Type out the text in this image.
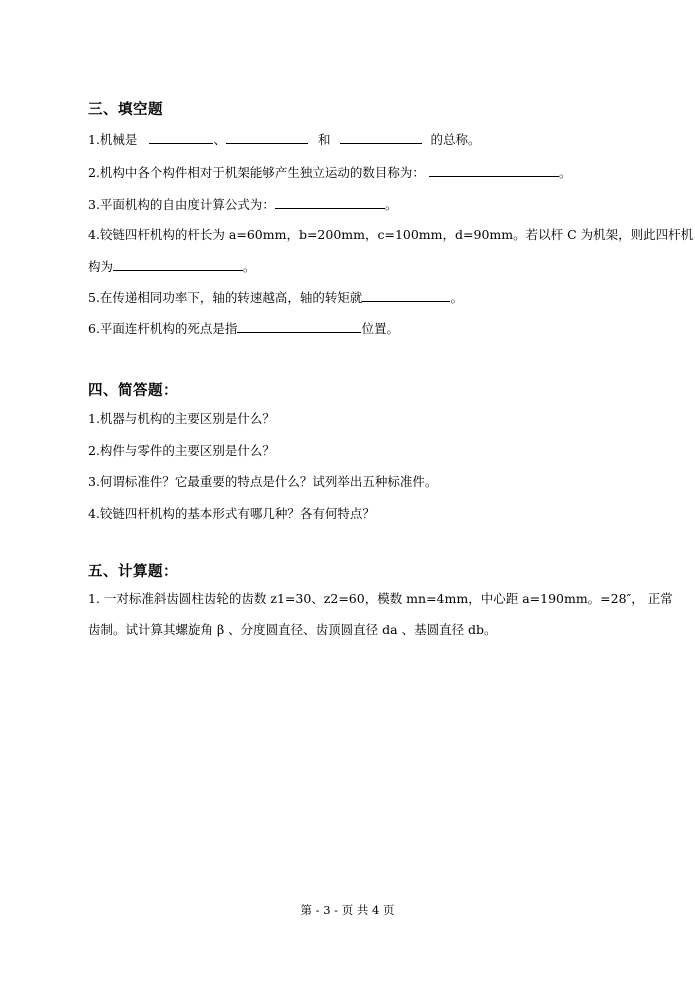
三、填空题
1.机械是	、	和	的总称。
2.机构中各个构件相对于机架能够产生独立运动的数目称为：	。
3.平面机构的自由度计算公式为：	。
4.铰链四杆机构的杆长为 a=60mm，b=200mm，c=100mm，d=90mm。若以杆 C 为机架，则此四杆机
构为	。
5.在传递相同功率下，轴的转速越高，轴的转矩就	。
6.平面连杆机构的死点是指	位置。
四、简答题：
1.机器与机构的主要区别是什么？
2.构件与零件的主要区别是什么？
3.何谓标准件？它最重要的特点是什么？试列举出五种标准件。
4.铰链四杆机构的基本形式有哪几种？各有何特点？
五、计算题：
1. 一对标准斜齿圆柱齿轮的齿数 z1=30、z2=60，模数 mn=4mm，中心距 a=190mm。=28″， 正常
齿制。试计算其螺旋角 β 、分度圆直径、齿顶圆直径 da 、基圆直径 db。
第 - 3 - 页 共 4 页
